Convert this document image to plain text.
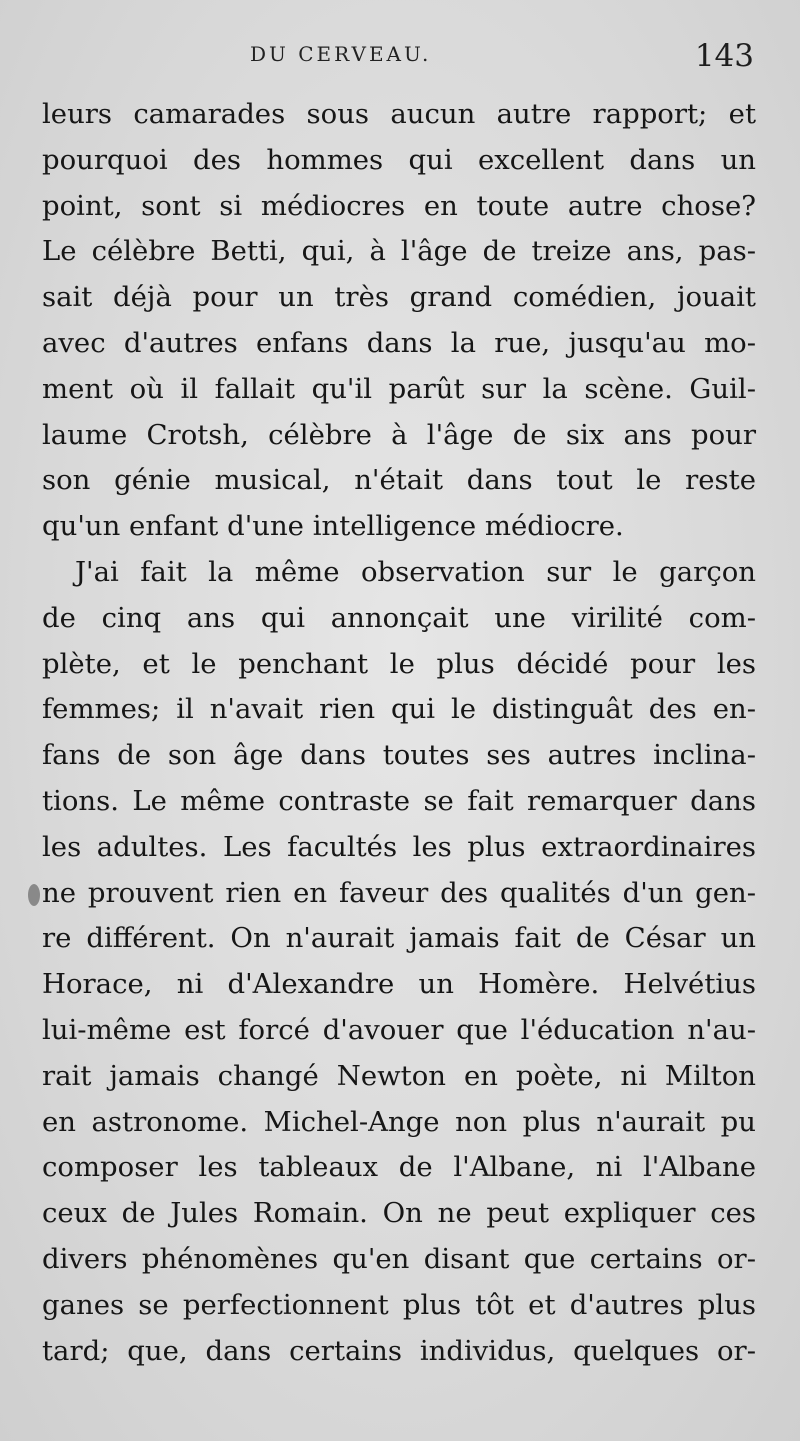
DU CERVEAU.	143
leurs camarades sous aucun autre rapport; et
pourquoi des hommes qui excellent dans un
point, sont si médiocres en toute autre chose?
Le célèbre Betti, qui, à l'âge de treize ans, pas-
sait déjà pour un très grand comédien, jouait
avec d'autres enfans dans la rue, jusqu'au mo-
ment où il fallait qu'il parût sur la scène. Guil-
laume Crotsh, célèbre à l'âge de six ans pour
son génie musical, n'était dans tout le reste
qu'un enfant d'une intelligence médiocre.
J'ai fait la même observation sur le garçon
de cinq ans qui annonçait une virilité com-
plète, et le penchant le plus décidé pour les
femmes; il n'avait rien qui le distinguât des en-
fans de son âge dans toutes ses autres inclina-
tions. Le même contraste se fait remarquer dans
les adultes. Les facultés les plus extraordinaires
ne prouvent rien en faveur des qualités d'un gen-
re différent. On n'aurait jamais fait de César un
Horace, ni d'Alexandre un Homère. Helvétius
lui-même est forcé d'avouer que l'éducation n'au-
rait jamais changé Newton en poète, ni Milton
en astronome. Michel-Ange non plus n'aurait pu
composer les tableaux de l'Albane, ni l'Albane
ceux de Jules Romain. On ne peut expliquer ces
divers phénomènes qu'en disant que certains or-
ganes se perfectionnent plus tôt et d'autres plus
tard; que, dans certains individus, quelques or-
